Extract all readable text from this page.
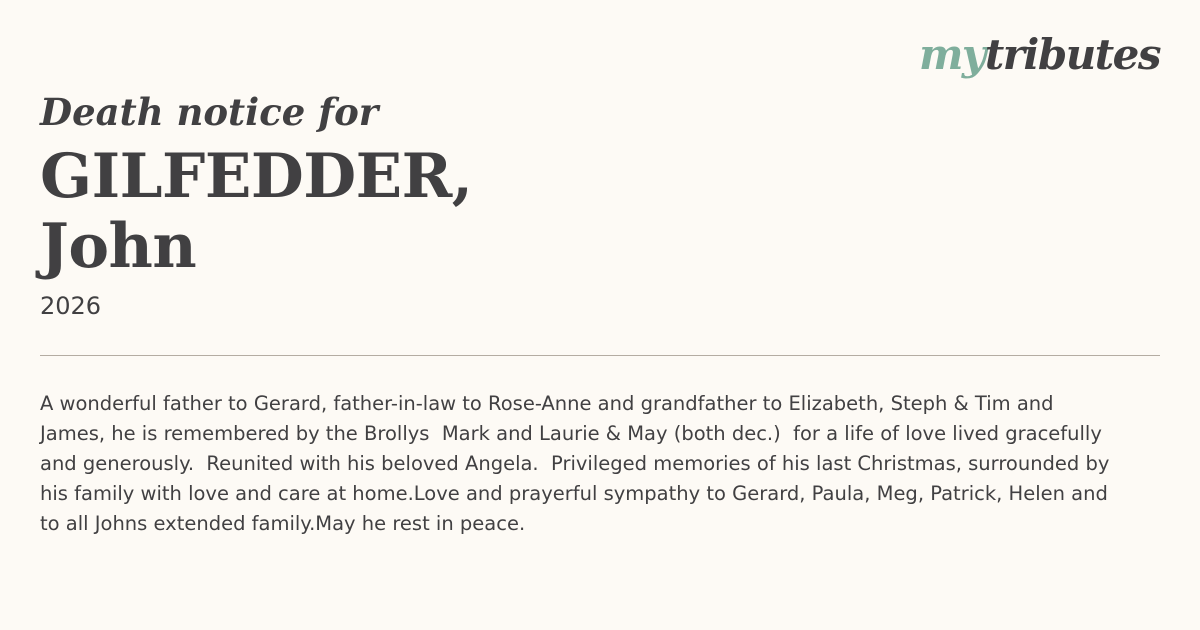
mytributes
Death notice for
GILFEDDER,
John

2026

A wonderful father to Gerard, father-in-law to Rose-Anne and grandfather to Elizabeth, Steph & Tim and James, he is remembered by the Brollys  Mark and Laurie & May (both dec.)  for a life of love lived gracefully and generously.  Reunited with his beloved Angela.  Privileged memories of his last Christmas, surrounded by his family with love and care at home.Love and prayerful sympathy to Gerard, Paula, Meg, Patrick, Helen and to all Johns extended family.May he rest in peace.
